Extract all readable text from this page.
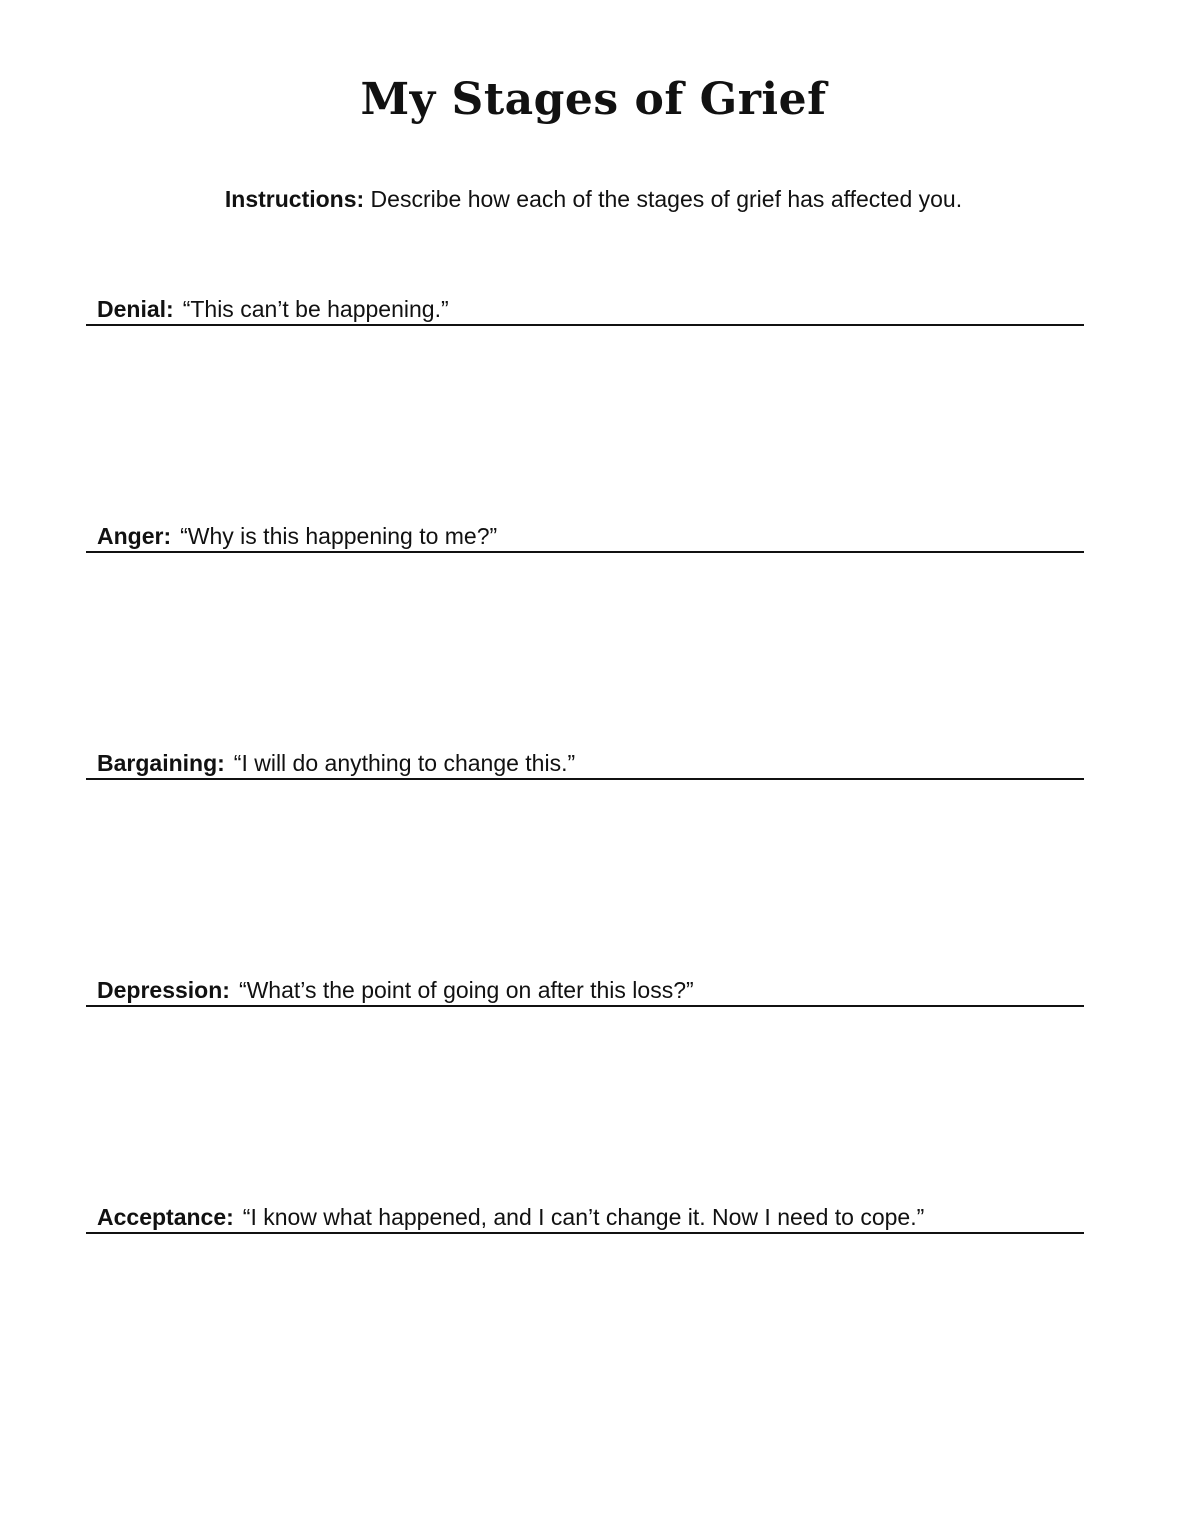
My Stages of Grief
Instructions: Describe how each of the stages of grief has affected you.
Denial: “This can’t be happening.”
Anger: “Why is this happening to me?”
Bargaining: “I will do anything to change this.”
Depression: “What’s the point of going on after this loss?”
Acceptance: “I know what happened, and I can’t change it. Now I need to cope.”
